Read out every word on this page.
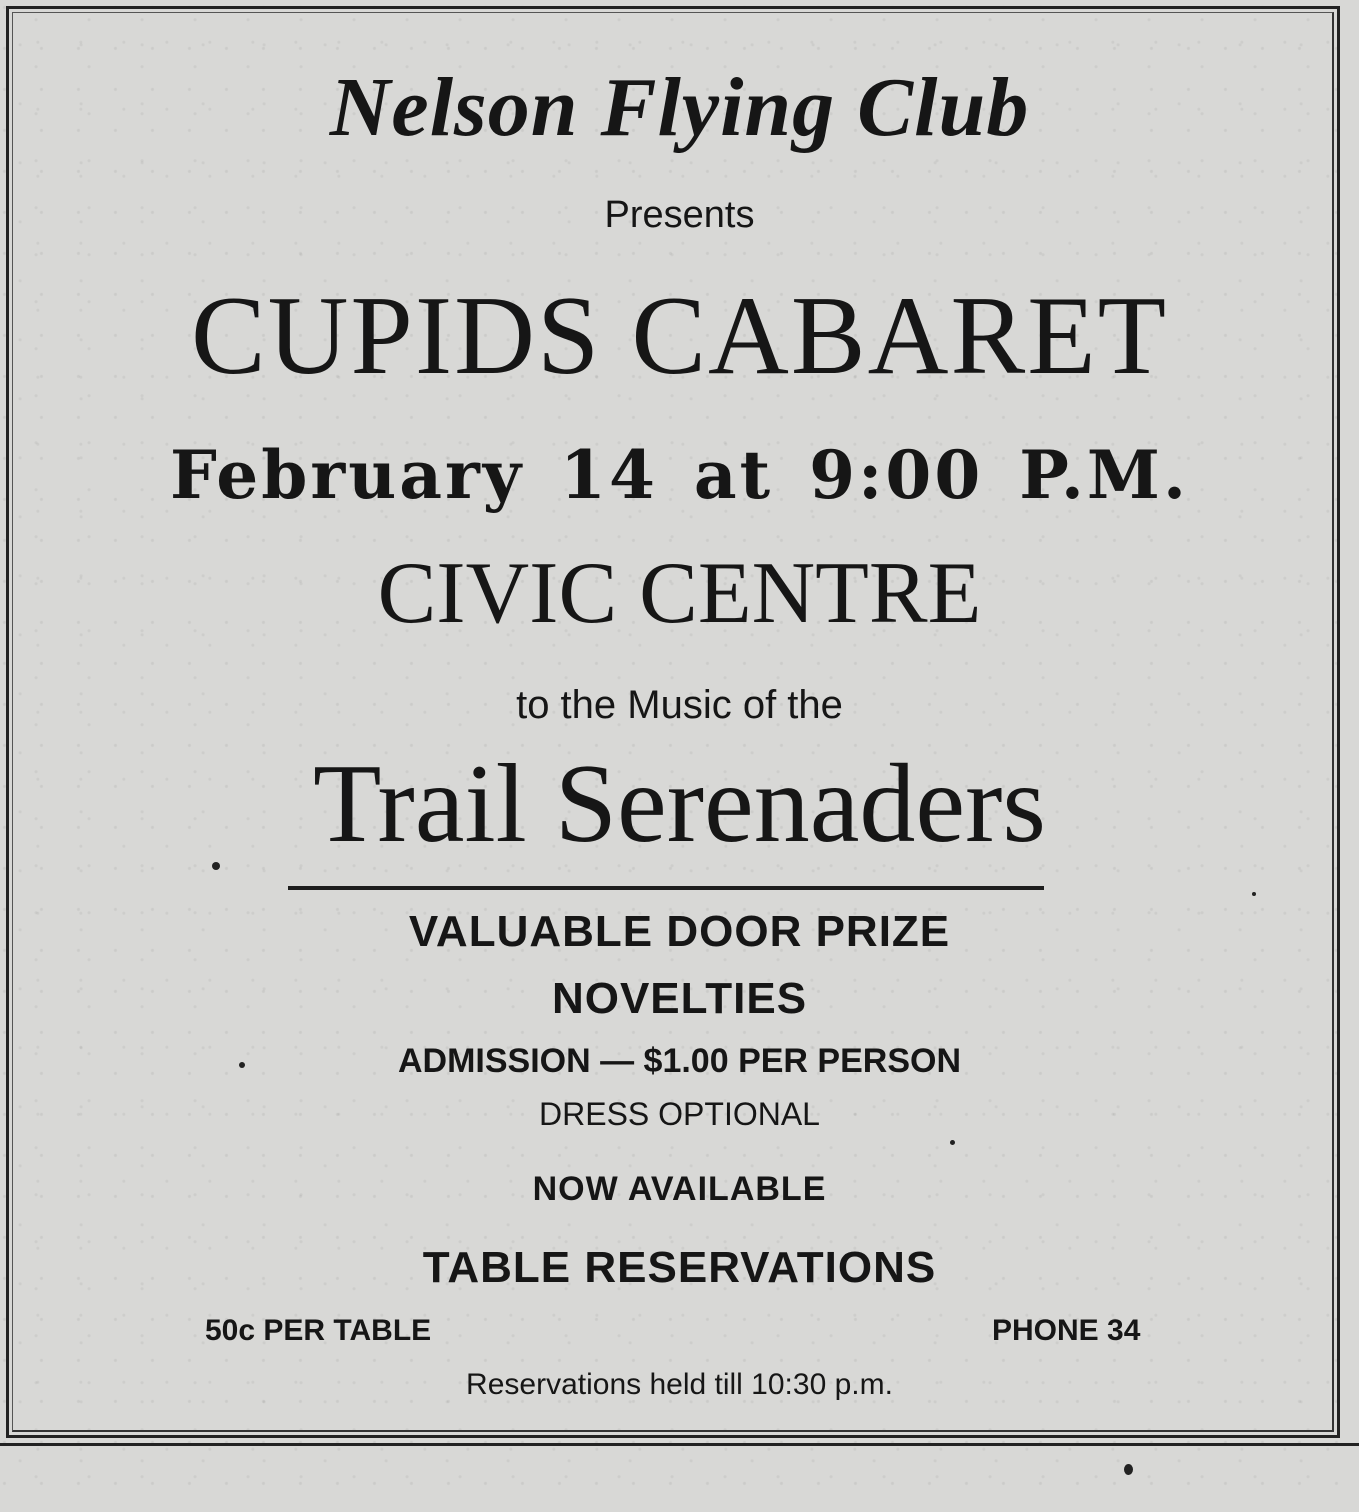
Nelson Flying Club
Presents
CUPIDS CABARET
February 14 at 9:00 P.M.
CIVIC CENTRE
to the Music of the
Trail Serenaders
VALUABLE DOOR PRIZE
NOVELTIES
ADMISSION — $1.00 PER PERSON
DRESS OPTIONAL
NOW AVAILABLE
TABLE RESERVATIONS
50c PER TABLE	PHONE 34
Reservations held till 10:30 p.m.
